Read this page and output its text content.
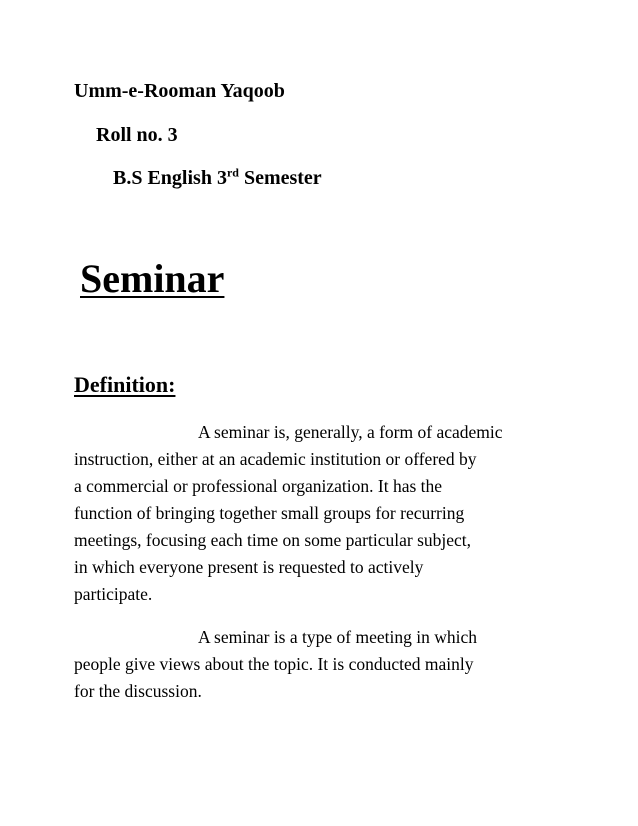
Umm-e-Rooman Yaqoob

Roll no. 3

B.S English 3rd Semester

Seminar
Definition:
A seminar is, generally, a form of academic
instruction, either at an academic institution or offered by
a commercial or professional organization. It has the
function of bringing together small groups for recurring
meetings, focusing each time on some particular subject,
in which everyone present is requested to actively
participate.
A seminar is a type of meeting in which
people give views about the topic. It is conducted mainly
for the discussion.
